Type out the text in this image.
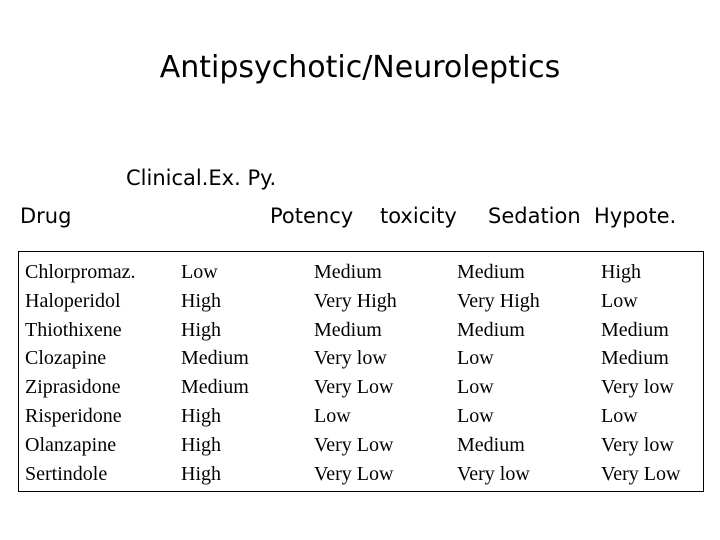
Antipsychotic/Neuroleptics
Clinical.Ex. Py.
Drug	Potency toxicity Sedation Hypote.
Chlorpromaz.
Haloperidol
Thiothixene
Clozapine
Ziprasidone
Risperidone
Olanzapine
Sertindole
Low
High
High
Medium
Medium
High
High
High
Medium
Very High
Medium
Very low
Very Low
Low
Very Low
Very Low
Medium
Very High
Medium
Low
Low
Low
Medium
Very low
High
Low
Medium
Medium
Very low
Low
Very low
Very Low
